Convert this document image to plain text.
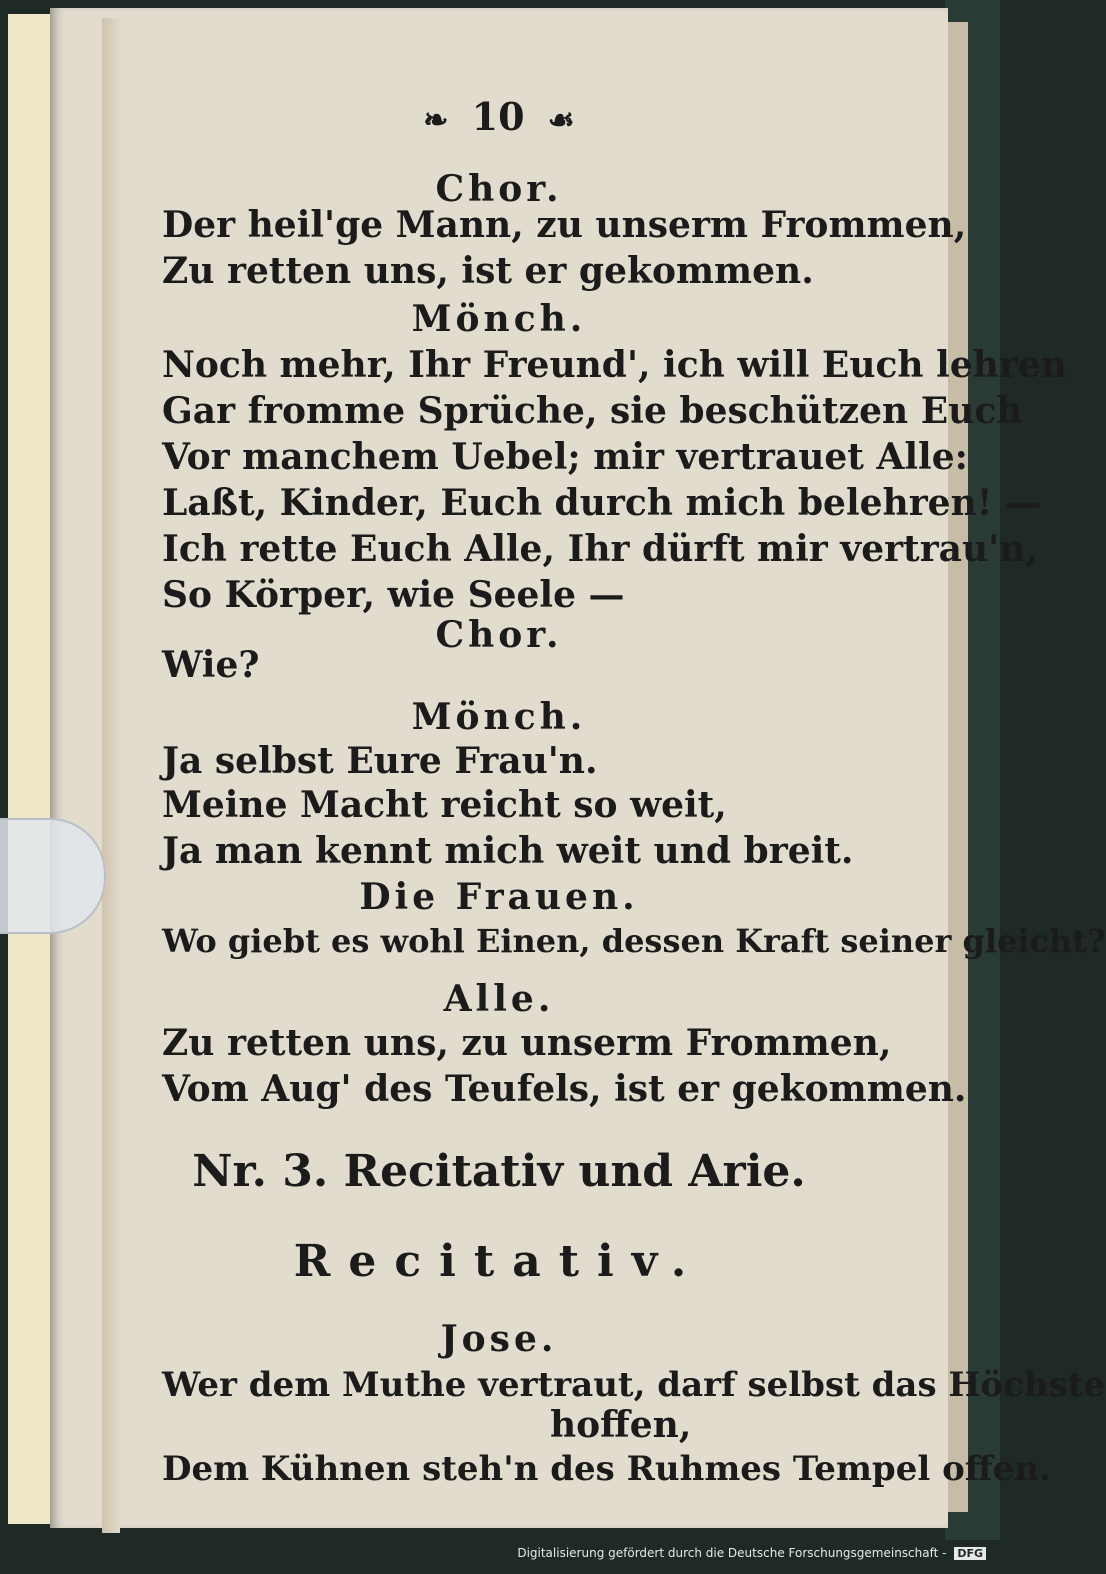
❧ 10 ☙
Chor.
Der heil'ge Mann, zu unserm Frommen,
Zu retten uns, ist er gekommen.
Mönch.
Noch mehr, Ihr Freund', ich will Euch lehren
Gar fromme Sprüche, sie beschützen Euch
Vor manchem Uebel; mir vertrauet Alle:
Laßt, Kinder, Euch durch mich belehren! —
Ich rette Euch Alle, Ihr dürft mir vertrau'n,
So Körper, wie Seele —
Chor.
Wie?
Mönch.
Ja selbst Eure Frau'n.
Meine Macht reicht so weit,
Ja man kennt mich weit und breit.
Die Frauen.
Wo giebt es wohl Einen, dessen Kraft seiner gleicht?
Alle.
Zu retten uns, zu unserm Frommen,
Vom Aug' des Teufels, ist er gekommen.
Nr. 3. Recitativ und Arie.
Recitativ.
Jose.
Wer dem Muthe vertraut, darf selbst das Höchste
hoffen,
Dem Kühnen steh'n des Ruhmes Tempel offen.
Digitalisierung gefördert durch die Deutsche Forschungsgemeinschaft - DFG
